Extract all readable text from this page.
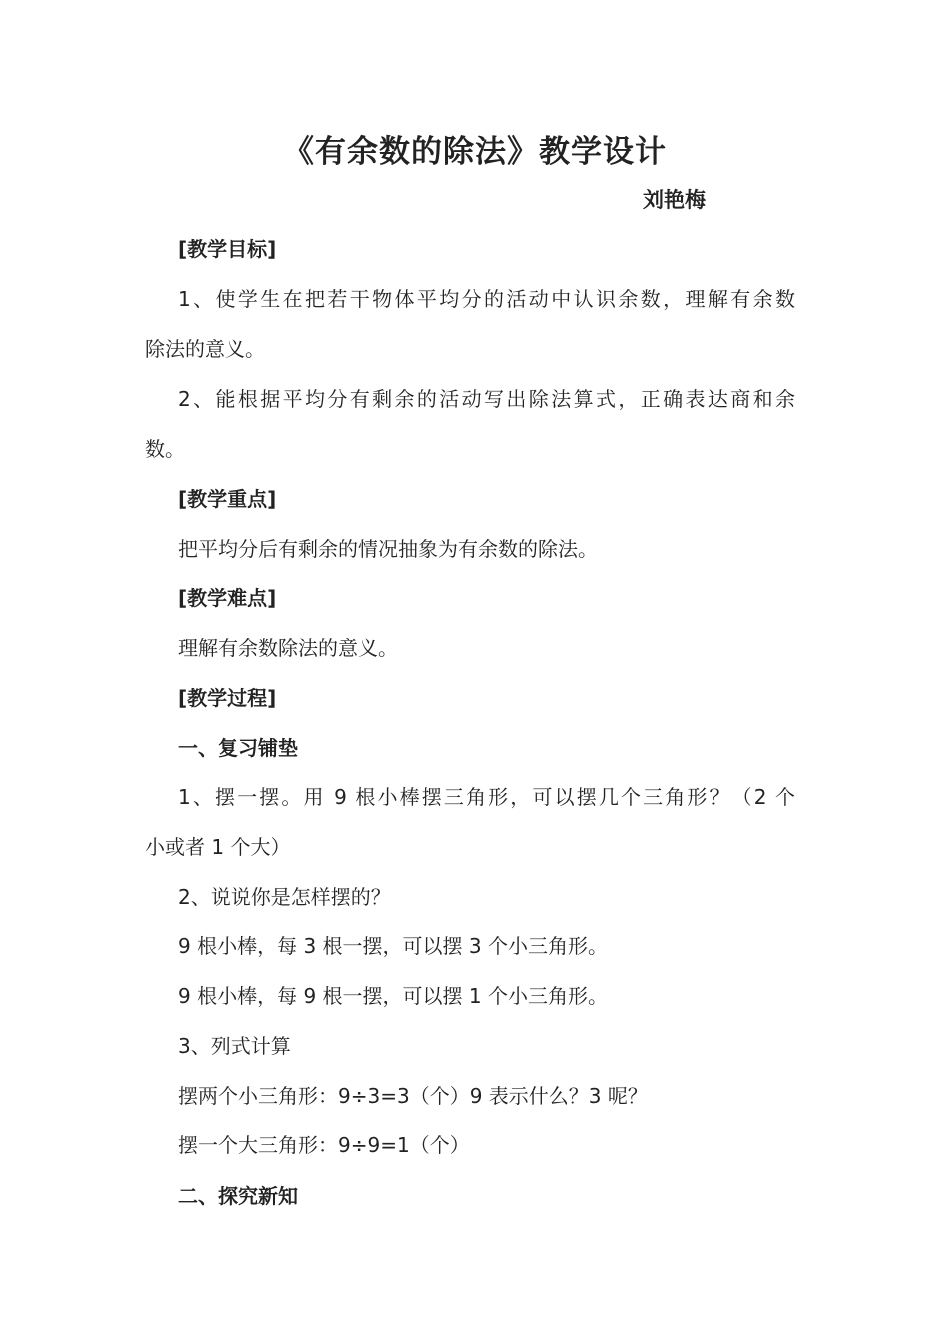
《有余数的除法》教学设计
刘艳梅
[教学目标]
1、使学生在把若干物体平均分的活动中认识余数，理解有余数
除法的意义。
2、能根据平均分有剩余的活动写出除法算式，正确表达商和余
数。
[教学重点]
把平均分后有剩余的情况抽象为有余数的除法。
[教学难点]
理解有余数除法的意义。
[教学过程]
一、复习铺垫
1、摆一摆。用 9 根小棒摆三角形，可以摆几个三角形？（2 个
小或者 1 个大）
2、说说你是怎样摆的？
9 根小棒，每 3 根一摆，可以摆 3 个小三角形。
9 根小棒，每 9 根一摆，可以摆 1 个小三角形。
3、列式计算
摆两个小三角形：9÷3=3（个）9 表示什么？3 呢？
摆一个大三角形：9÷9=1（个）
二、探究新知
